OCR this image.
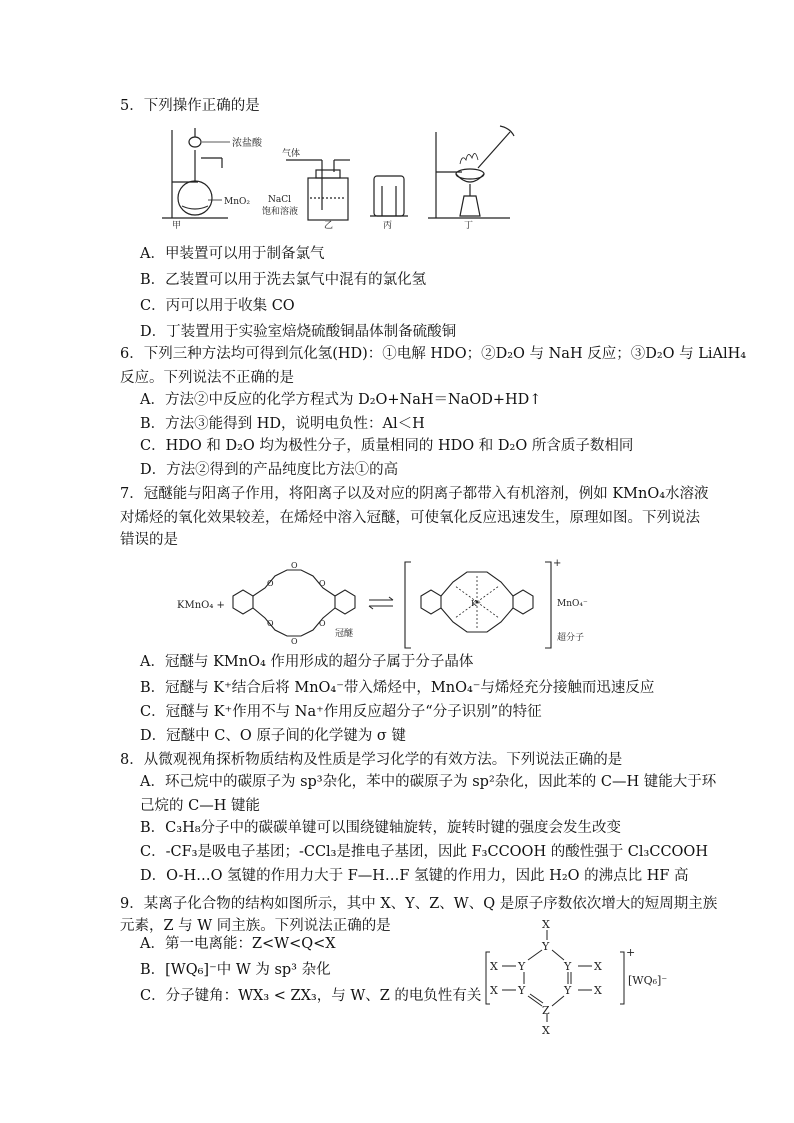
5．下列操作正确的是
浓盐酸
MnO₂
甲
气体
NaCl
饱和溶液
乙	丙	丁
A．甲装置可以用于制备氯气
B．乙装置可以用于洗去氯气中混有的氯化氢
C．丙可以用于收集 CO
D．丁装置用于实验室焙烧硫酸铜晶体制备硫酸铜
6．下列三种方法均可得到氘化氢(HD)：①电解 HDO；②D₂O 与 NaH 反应；③D₂O 与 LiAlH₄
反应。下列说法不正确的是
A．方法②中反应的化学方程式为 D₂O+NaH＝NaOD+HD↑
B．方法③能得到 HD，说明电负性：Al＜H
C．HDO 和 D₂O 均为极性分子，质量相同的 HDO 和 D₂O 所含质子数相同
D．方法②得到的产品纯度比方法①的高
7．冠醚能与阳离子作用，将阳离子以及对应的阴离子都带入有机溶剂，例如 KMnO₄水溶液
对烯烃的氧化效果较差，在烯烃中溶入冠醚，可使氧化反应迅速发生，原理如图。下列说法
错误的是
KMnO₄ +
O
O
O
O
O
O
冠醚
K⁺
+
MnO₄⁻
超分子
A．冠醚与 KMnO₄ 作用形成的超分子属于分子晶体
B．冠醚与 K⁺结合后将 MnO₄⁻带入烯烃中，MnO₄⁻与烯烃充分接触而迅速反应
C．冠醚与 K⁺作用不与 Na⁺作用反应超分子“分子识别”的特征
D．冠醚中 C、O 原子间的化学键为 σ 键
8．从微观视角探析物质结构及性质是学习化学的有效方法。下列说法正确的是
A．环己烷中的碳原子为 sp³杂化，苯中的碳原子为 sp²杂化，因此苯的 C—H 键能大于环
己烷的 C—H 键能
B．C₃H₈分子中的碳碳单键可以围绕键轴旋转，旋转时键的强度会发生改变
C．-CF₃是吸电子基团；-CCl₃是推电子基团，因此 F₃CCOOH 的酸性强于 Cl₃CCOOH
D．O-H…O 氢键的作用力大于 F—H…F 氢键的作用力，因此 H₂O 的沸点比 HF 高
9．某离子化合物的结构如图所示，其中 X、Y、Z、W、Q 是原子序数依次增大的短周期主族
元素，Z 与 W 同主族。下列说法正确的是
A．第一电离能：Z<W<Q<X
B．[WQ₆]⁻中 W 为 sp³ 杂化
C．分子键角：WX₃ < ZX₃，与 W、Z 的电负性有关
X
Y
X Y	Y X
X Y	Y X
Z
X
+
[WQ₆]⁻
